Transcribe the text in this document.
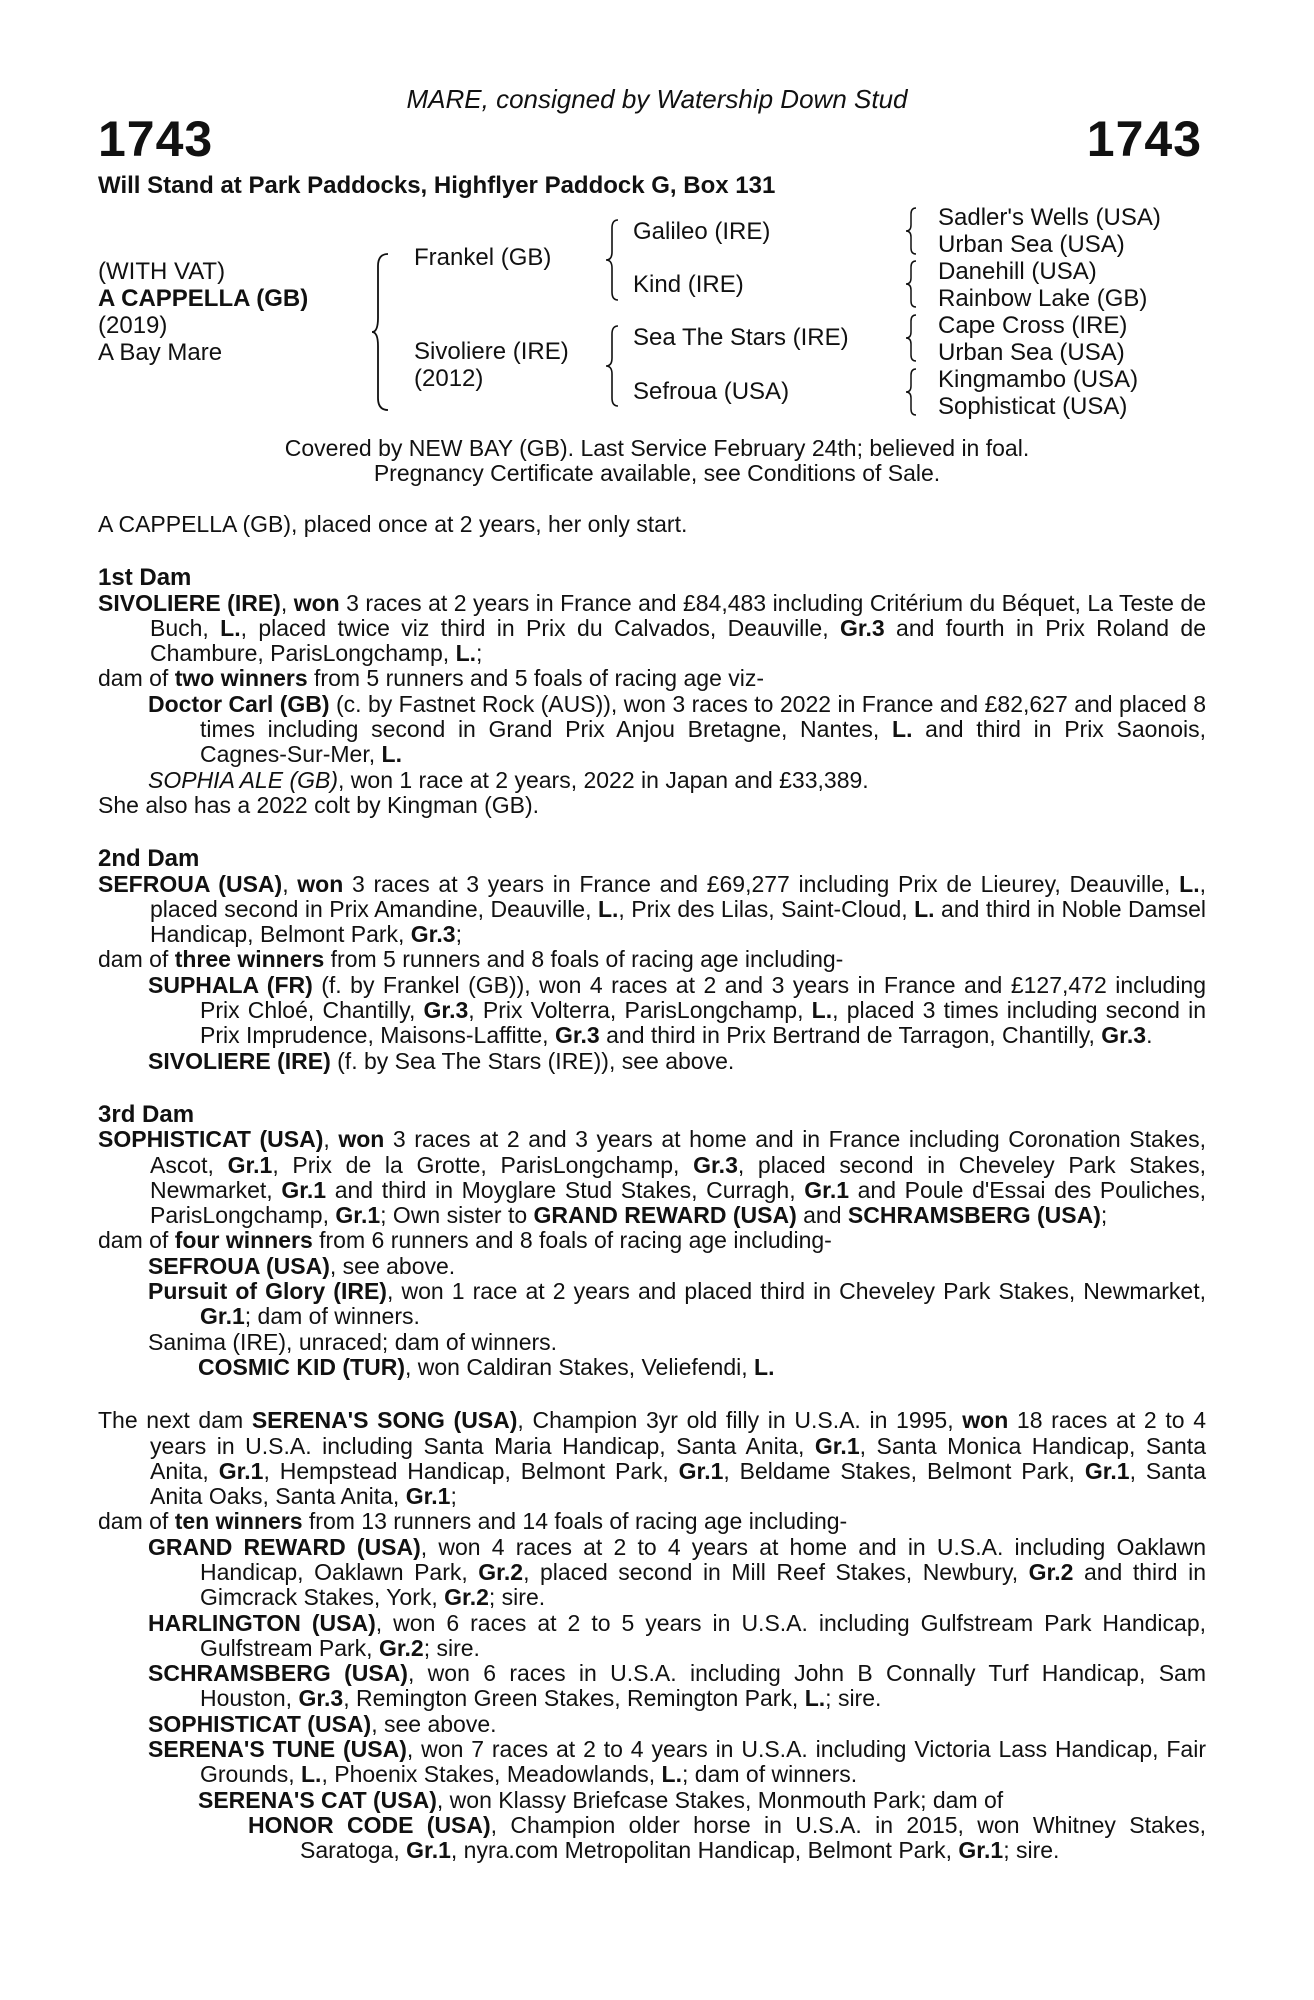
MARE, consigned by Watership Down Stud
1743	1743
Will Stand at Park Paddocks, Highflyer Paddock G, Box 131
(WITH VAT)
A CAPPELLA (GB)
(2019)
A Bay Mare
Frankel (GB)
Sivoliere (IRE)
(2012)
Galileo (IRE)
Kind (IRE)
Sea The Stars (IRE)
Sefroua (USA)
Sadler's Wells (USA)
Urban Sea (USA)
Danehill (USA)
Rainbow Lake (GB)
Cape Cross (IRE)
Urban Sea (USA)
Kingmambo (USA)
Sophisticat (USA)
Covered by NEW BAY (GB). Last Service February 24th; believed in foal.
Pregnancy Certificate available, see Conditions of Sale.

A CAPPELLA (GB), placed once at 2 years, her only start.

1st Dam

SIVOLIERE (IRE), won 3 races at 2 years in France and £84,483 including Critérium du Béquet, La Teste de Buch, L., placed twice viz third in Prix du Calvados, Deauville, Gr.3 and fourth in Prix Roland de Chambure, ParisLongchamp, L.;

dam of two winners from 5 runners and 5 foals of racing age viz-

Doctor Carl (GB) (c. by Fastnet Rock (AUS)), won 3 races to 2022 in France and £82,627 and placed 8 times including second in Grand Prix Anjou Bretagne, Nantes, L. and third in Prix Saonois, Cagnes-Sur-Mer, L.

SOPHIA ALE (GB), won 1 race at 2 years, 2022 in Japan and £33,389.

She also has a 2022 colt by Kingman (GB).

2nd Dam

SEFROUA (USA), won 3 races at 3 years in France and £69,277 including Prix de Lieurey, Deauville, L., placed second in Prix Amandine, Deauville, L., Prix des Lilas, Saint-Cloud, L. and third in Noble Damsel Handicap, Belmont Park, Gr.3;

dam of three winners from 5 runners and 8 foals of racing age including-

SUPHALA (FR) (f. by Frankel (GB)), won 4 races at 2 and 3 years in France and £127,472 including Prix Chloé, Chantilly, Gr.3, Prix Volterra, ParisLongchamp, L., placed 3 times including second in Prix Imprudence, Maisons-Laffitte, Gr.3 and third in Prix Bertrand de Tarragon, Chantilly, Gr.3.

SIVOLIERE (IRE) (f. by Sea The Stars (IRE)), see above.

3rd Dam

SOPHISTICAT (USA), won 3 races at 2 and 3 years at home and in France including Coronation Stakes, Ascot, Gr.1, Prix de la Grotte, ParisLongchamp, Gr.3, placed second in Cheveley Park Stakes, Newmarket, Gr.1 and third in Moyglare Stud Stakes, Curragh, Gr.1 and Poule d'Essai des Pouliches, ParisLongchamp, Gr.1; Own sister to GRAND REWARD (USA) and SCHRAMSBERG (USA);

dam of four winners from 6 runners and 8 foals of racing age including-

SEFROUA (USA), see above.

Pursuit of Glory (IRE), won 1 race at 2 years and placed third in Cheveley Park Stakes, Newmarket, Gr.1; dam of winners.

Sanima (IRE), unraced; dam of winners.

COSMIC KID (TUR), won Caldiran Stakes, Veliefendi, L.

The next dam SERENA'S SONG (USA), Champion 3yr old filly in U.S.A. in 1995, won 18 races at 2 to 4 years in U.S.A. including Santa Maria Handicap, Santa Anita, Gr.1, Santa Monica Handicap, Santa Anita, Gr.1, Hempstead Handicap, Belmont Park, Gr.1, Beldame Stakes, Belmont Park, Gr.1, Santa Anita Oaks, Santa Anita, Gr.1;

dam of ten winners from 13 runners and 14 foals of racing age including-

GRAND REWARD (USA), won 4 races at 2 to 4 years at home and in U.S.A. including Oaklawn Handicap, Oaklawn Park, Gr.2, placed second in Mill Reef Stakes, Newbury, Gr.2 and third in Gimcrack Stakes, York, Gr.2; sire.

HARLINGTON (USA), won 6 races at 2 to 5 years in U.S.A. including Gulfstream Park Handicap, Gulfstream Park, Gr.2; sire.

SCHRAMSBERG (USA), won 6 races in U.S.A. including John B Connally Turf Handicap, Sam Houston, Gr.3, Remington Green Stakes, Remington Park, L.; sire.

SOPHISTICAT (USA), see above.

SERENA'S TUNE (USA), won 7 races at 2 to 4 years in U.S.A. including Victoria Lass Handicap, Fair Grounds, L., Phoenix Stakes, Meadowlands, L.; dam of winners.

SERENA'S CAT (USA), won Klassy Briefcase Stakes, Monmouth Park; dam of

HONOR CODE (USA), Champion older horse in U.S.A. in 2015, won Whitney Stakes, Saratoga, Gr.1, nyra.com Metropolitan Handicap, Belmont Park, Gr.1; sire.
